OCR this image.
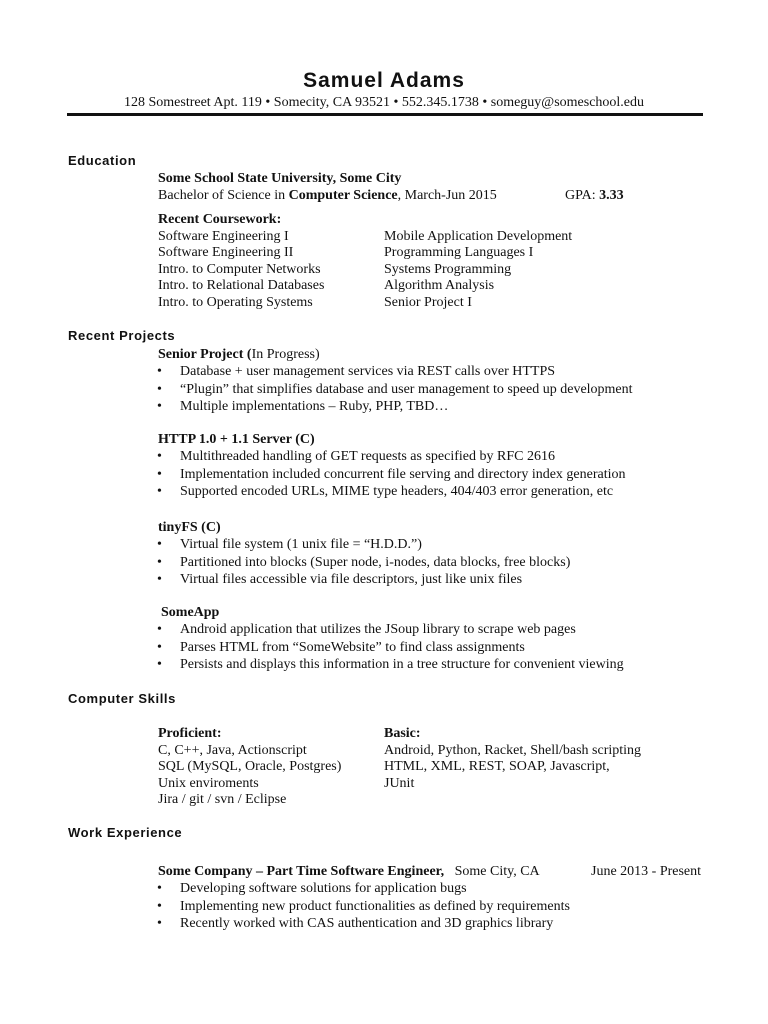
Samuel Adams
128 Somestreet Apt. 119 • Somecity, CA 93521 • 552.345.1738 • someguy@someschool.edu
Education
Some School State University, Some City
Bachelor of Science in Computer Science, March-Jun 2015	GPA: 3.33
Recent Coursework:
Software Engineering I
Software Engineering II
Intro. to Computer Networks
Intro. to Relational Databases
Intro. to Operating Systems
Mobile Application Development
Programming Languages I
Systems Programming
Algorithm Analysis
Senior Project I
Recent Projects
Senior Project (In Progress)
• Database + user management services via REST calls over HTTPS
• “Plugin” that simplifies database and user management to speed up development
• Multiple implementations – Ruby, PHP, TBD…
HTTP 1.0 + 1.1 Server (C)
• Multithreaded handling of GET requests as specified by RFC 2616
• Implementation included concurrent file serving and directory index generation
• Supported encoded URLs, MIME type headers, 404/403 error generation, etc
tinyFS (C)
• Virtual file system (1 unix file = “H.D.D.”)
• Partitioned into blocks (Super node, i-nodes, data blocks, free blocks)
• Virtual files accessible via file descriptors, just like unix files
SomeApp
• Android application that utilizes the JSoup library to scrape web pages
• Parses HTML from “SomeWebsite” to find class assignments
• Persists and displays this information in a tree structure for convenient viewing
Computer Skills
Proficient:
C, C++, Java, Actionscript
SQL (MySQL, Oracle, Postgres)
Unix enviroments
Jira / git / svn / Eclipse
Basic:
Android, Python, Racket, Shell/bash scripting
HTML, XML, REST, SOAP, Javascript,
JUnit
Work Experience
Some Company – Part Time Software Engineer, Some City, CA
• Developing software solutions for application bugs
• Implementing new product functionalities as defined by requirements
• Recently worked with CAS authentication and 3D graphics library
June 2013 - Present
